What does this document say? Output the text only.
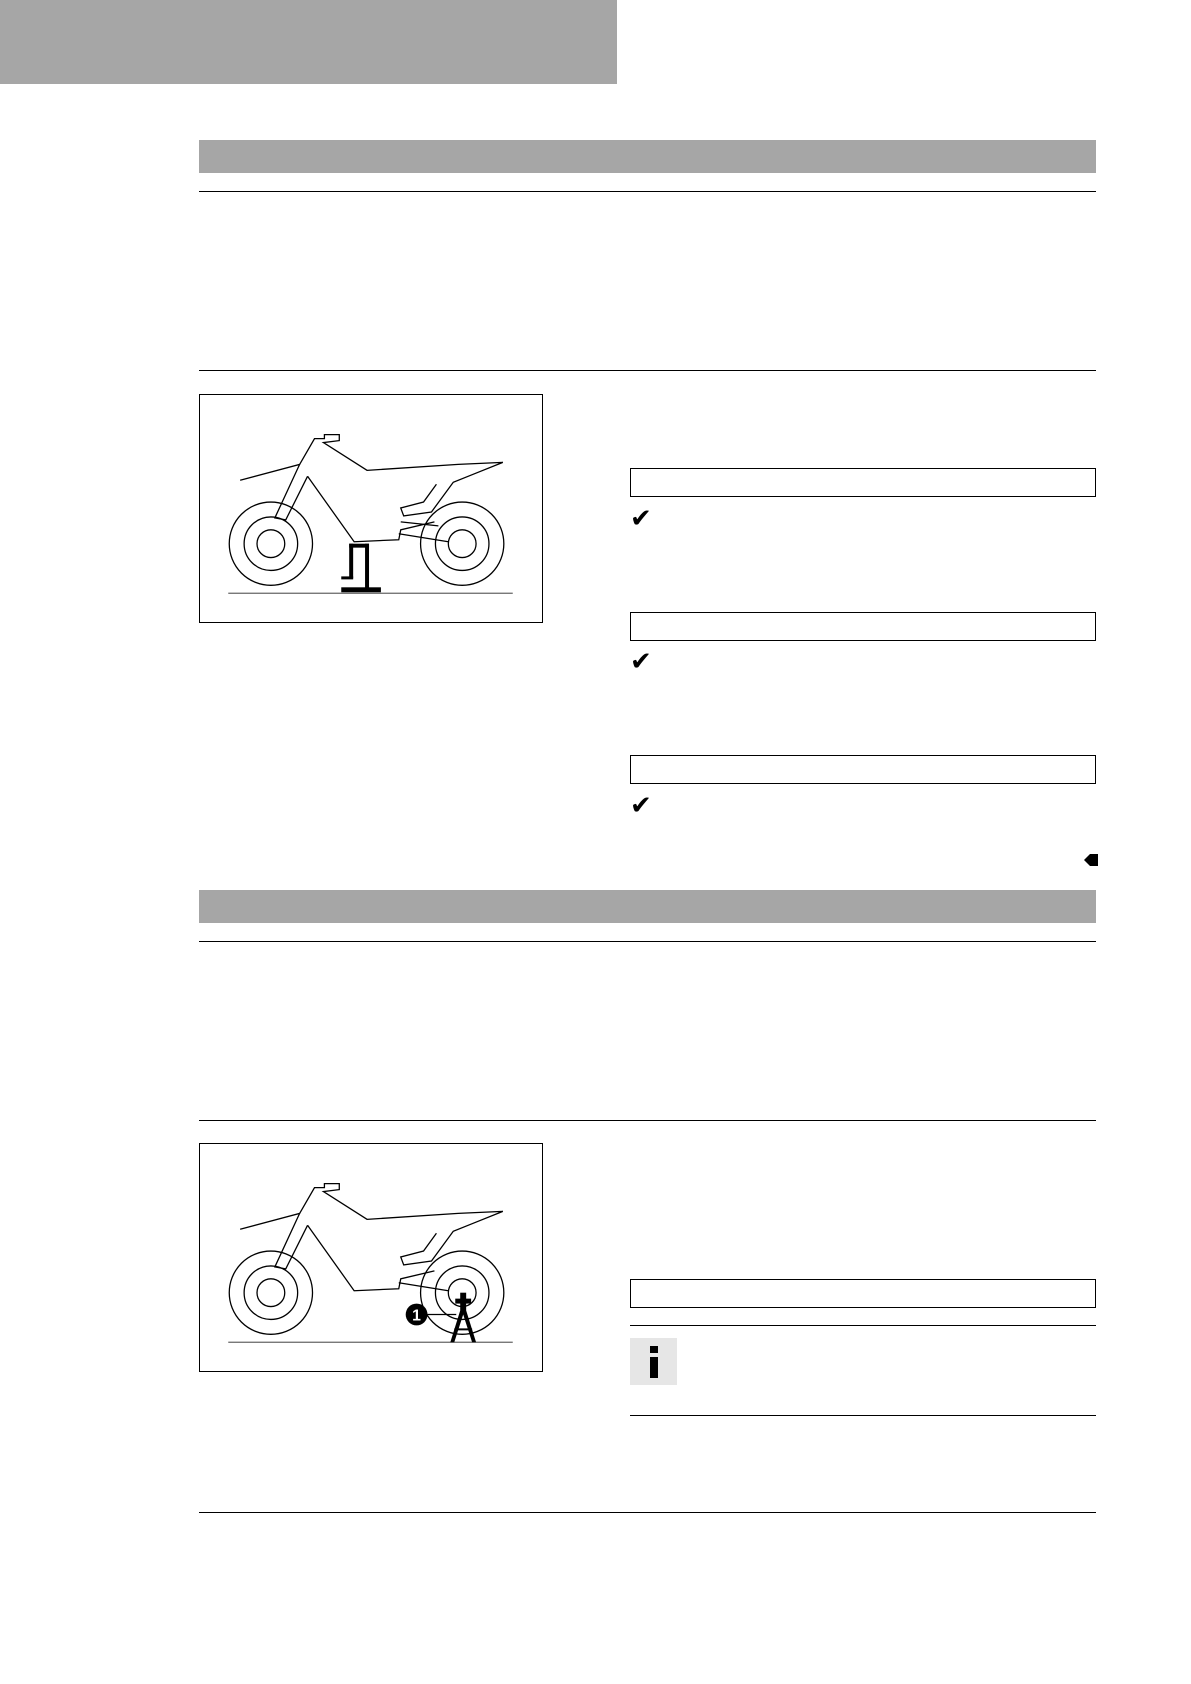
✔
✔
✔
1
